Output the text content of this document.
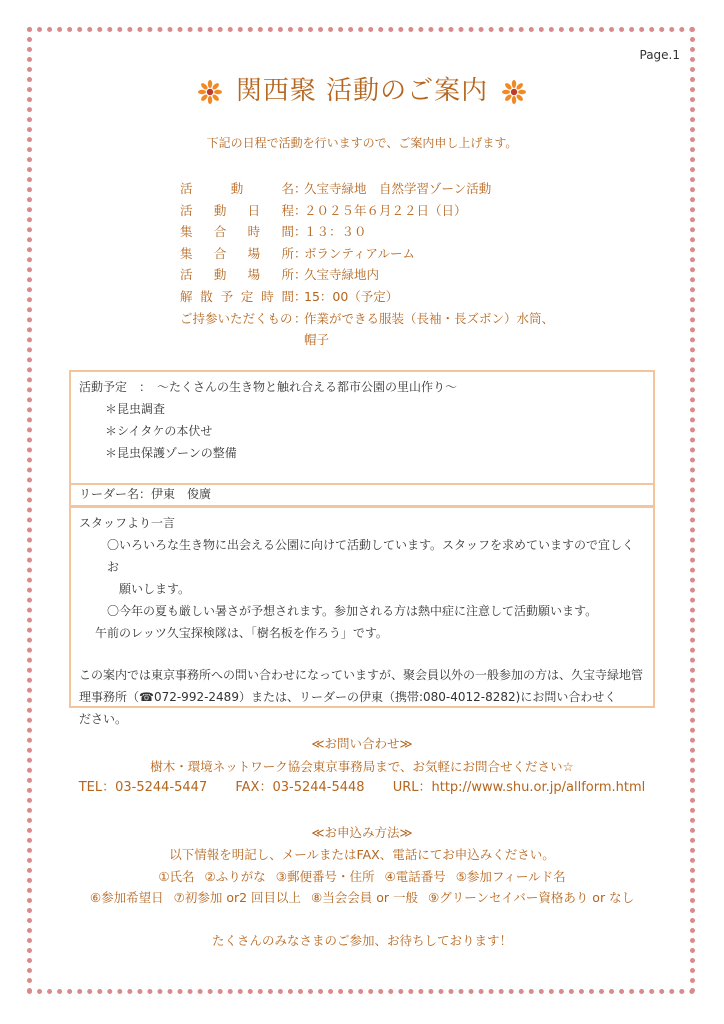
Page.1
関西聚 活動のご案内
下記の日程で活動を行いますので、ご案内申し上げます。
活	動	名 ：
久宝寺緑地　自然学習ゾーン活動
活 動 日 程 ：
２０２５年６月２２日（日）
集 合 時 間 ：
１３：３０
集 合 場 所 ：
ボランティアルーム
活 動 場 所 ：
久宝寺緑地内
解 散 予 定 時 間 ：
15：00（予定）
ご持参いただくもの ：
作業ができる服装（長袖・長ズボン）水筒、
帽子
活動予定　：　～たくさんの生き物と触れ合える都市公園の里山作り～
＊昆虫調査
＊シイタケの本伏せ
＊昆虫保護ゾーンの整備
リーダー名：伊東　俊廣
スタッフより一言
〇いろいろな生き物に出会える公園に向けて活動しています。スタッフを求めていますので宜しくお
願いします。
〇今年の夏も厳しい暑さが予想されます。参加される方は熱中症に注意して活動願います。
午前のレッツ久宝探検隊は、「樹名板を作ろう」です。
この案内では東京事務所への問い合わせになっていますが、聚会員以外の一般参加の方は、久宝寺緑地管
理事務所（☎072-992-2489）または、リーダーの伊東（携帯:080-4012-8282)にお問い合わせく
ださい。
≪お問い合わせ≫
樹木・環境ネットワーク協会東京事務局まで、お気軽にお問合せください☆
TEL：03-5244-5447 FAX：03-5244-5448 URL：http://www.shu.or.jp/allform.html
≪お申込み方法≫
以下情報を明記し、メールまたはFAX、電話にてお申込みください。
①氏名 ②ふりがな ③郵便番号・住所 ④電話番号 ⑤参加フィールド名
⑥参加希望日 ⑦初参加 or2 回目以上 ⑧当会会員 or 一般 ⑨グリーンセイバー資格あり or なし
たくさんのみなさまのご参加、お待ちしております！
